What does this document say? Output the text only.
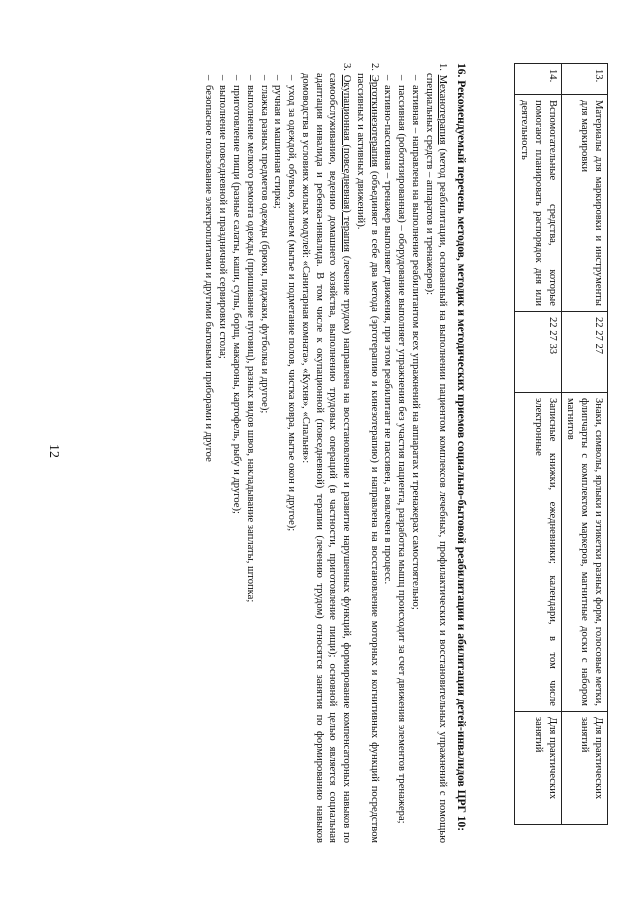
12
13.	Материалы для маркировки и инструменты для маркировки	22 27 27	Знаки, символы, ярлыки и этикетки разных форм, голосовые метки, флипчарты с комплектом маркеров, магнитные доски с набором магнитов	Для практических занятий
14.	Вспомогательные средства, которые помогают планировать распорядок дня или деятельность	22 27 33	Записные книжки, ежедневники; календари, в том числе электронные	Для практических занятий

16. Рекомендуемый перечень методов, методик и методических приемов социально-бытовой реабилитации и абилитации детей-инвалидов ЦРГ 10:

1. Механотерапия (метод реабилитации, основанный на выполнении пациентом комплексов лечебных, профилактических и восстановительных упражнений с помощью специальных средств – аппаратов и тренажеров):

–активная – направлена на выполнение реабилитантом всех упражнений на аппаратах и тренажерах самостоятельно;

–пассивная (роботизированная) – оборудование выполняет упражнения без участия пациента, разработка мышц происходит за счет движения элементов тренажера;

–активно-пассивная – тренажер выполняет движения, при этом реабилитант не пассивен, а вовлечен в процесс.

2. Эрготкинезотерапия (объединяет в себе два метода (эрготерапию и кинезотерапию) и направлена на восстановление моторных и когнитивных функций посредством пассивных и активных движений).

3. Окупационная (повседневная) терапия (лечение трудом) направлена на восстановление и развитие нарушенных функций, формирование компенсаторных навыков по самообслуживанию, ведению домашнего хозяйства, выполнению трудовых операций (в частности, приготовление пищи); основной целью является социальная адаптация инвалида и ребенка-инвалида. В том числе к окупационной (повседневной) терапии (лечению трудом) относятся занятия по формированию навыков домоводства в условиях жилых модулей: «Санитарная комната», «Кухня», «Спальня»:

–уход за одеждой, обувью, жильем (мытье и подметание полов, чистка ковра, мытье окон и другое);

–ручная и машинная стирка;

–глажка разных предметов одежды (брюки, пиджаки, футболка и другое);

–выполнение мелкого ремонта одежды (пришивание пуговиц), разных видов швов, накладывание заплаты, штопка;

–приготовление пищи (разные салаты, каши, супы, борщ, макароны, картофель, рыбу и другое);

–выполнение повседневной и праздничной сервировки стола;

–безопасное пользование электроплитами и другими бытовыми приборами и другое
